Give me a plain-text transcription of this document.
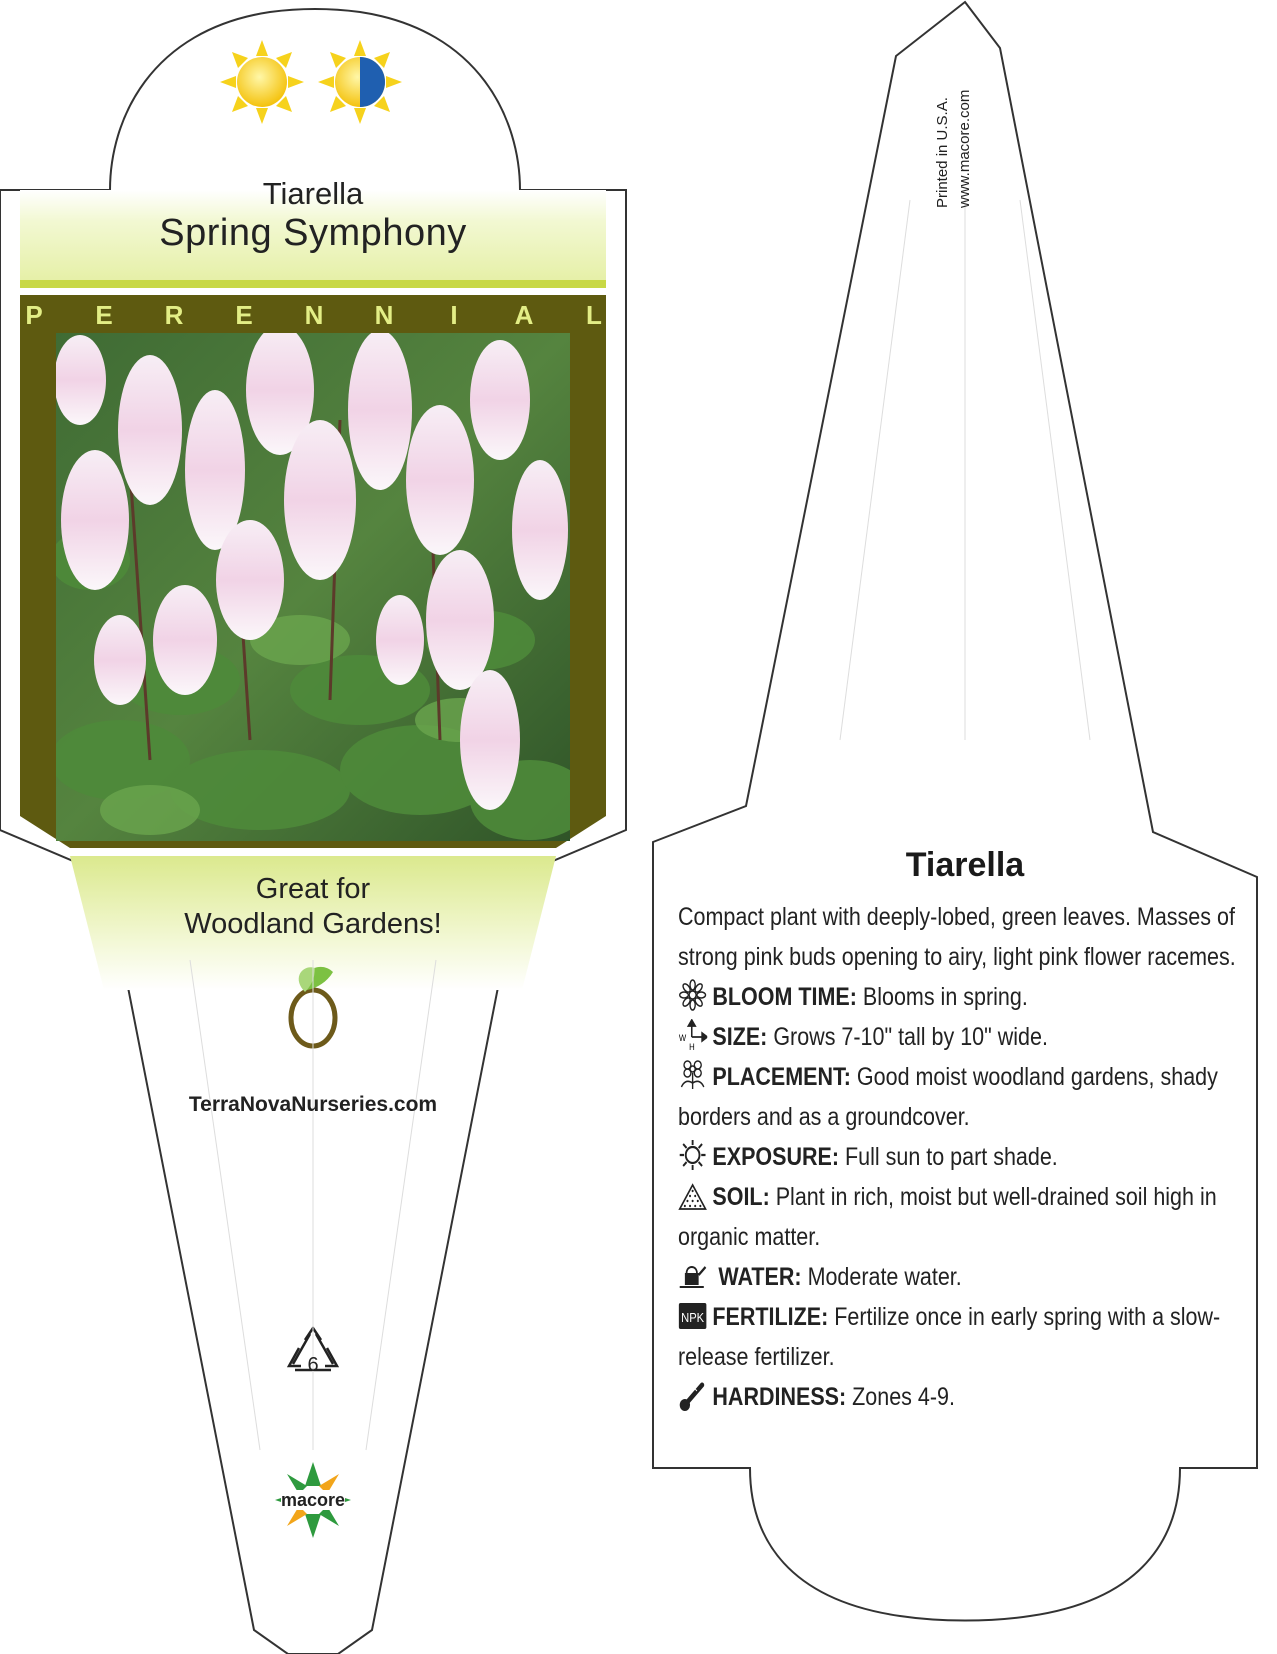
Tiarella
Spring Symphony
P E R E N N	I	A L
Great for
Woodland Gardens!
TerraNovaNurseries.com
6
macore
Printed in U.S.A. www.macore.com
Tiarella

Compact plant with deeply-lobed, green leaves. Masses of strong pink buds opening to airy, light pink flower racemes.

BLOOM TIME: Blooms in spring.

W
H SIZE: Grows 7-10" tall by 10" wide.

PLACEMENT: Good moist woodland gardens, shady borders and as a groundcover.

EXPOSURE: Full sun to part shade.

SOIL: Plant in rich, moist but well-drained soil high in organic matter.

WATER: Moderate water.

NPK FERTILIZE: Fertilize once in early spring with a slow-release fertilizer.

HARDINESS: Zones 4-9.
